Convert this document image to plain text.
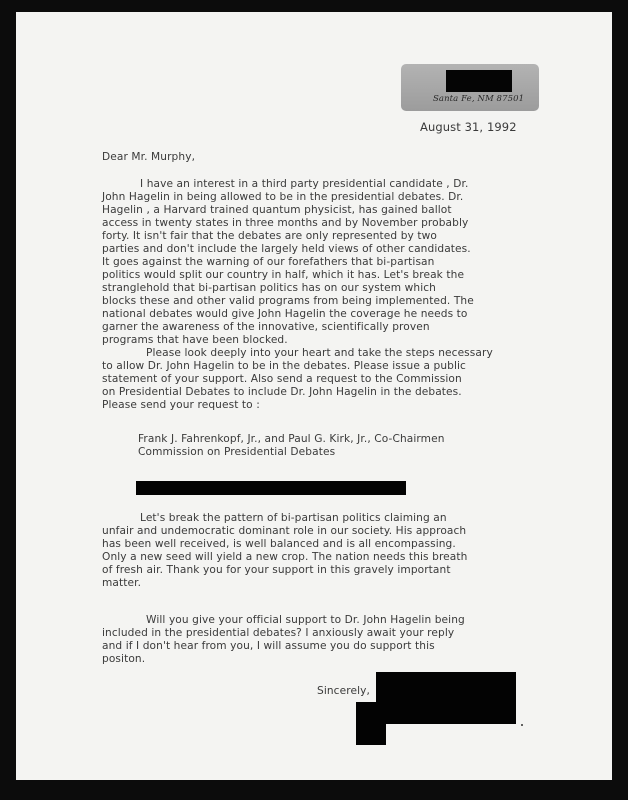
Santa Fe, NM 87501
August 31, 1992
Dear Mr. Murphy,
I have an interest in a third party presidential candidate , Dr.
John Hagelin in being allowed to be in the presidential debates. Dr.
Hagelin , a Harvard trained quantum physicist, has gained ballot
access in twenty states in three months and by November probably
forty. It isn't fair that the debates are only represented by two
parties and don't include the largely held views of other candidates.
It goes against the warning of our forefathers that bi-partisan
politics would split our country in half, which it has. Let's break the
stranglehold that bi-partisan politics has on our system which
blocks these and other valid programs from being implemented. The
national debates would give John Hagelin the coverage he needs to
garner the awareness of the innovative, scientifically proven
programs that have been blocked.
Please look deeply into your heart and take the steps necessary
to allow Dr. John Hagelin to be in the debates. Please issue a public
statement of your support. Also send a request to the Commission
on Presidential Debates to include Dr. John Hagelin in the debates.
Please send your request to :
Frank J. Fahrenkopf, Jr., and Paul G. Kirk, Jr., Co-Chairmen
Commission on Presidential Debates
Let's break the pattern of bi-partisan politics claiming an
unfair and undemocratic dominant role in our society. His approach
has been well received, is well balanced and is all encompassing.
Only a new seed will yield a new crop. The nation needs this breath
of fresh air. Thank you for your support in this gravely important
matter.
Will you give your official support to Dr. John Hagelin being
included in the presidential debates? I anxiously await your reply
and if I don't hear from you, I will assume you do support this
positon.
Sincerely,
